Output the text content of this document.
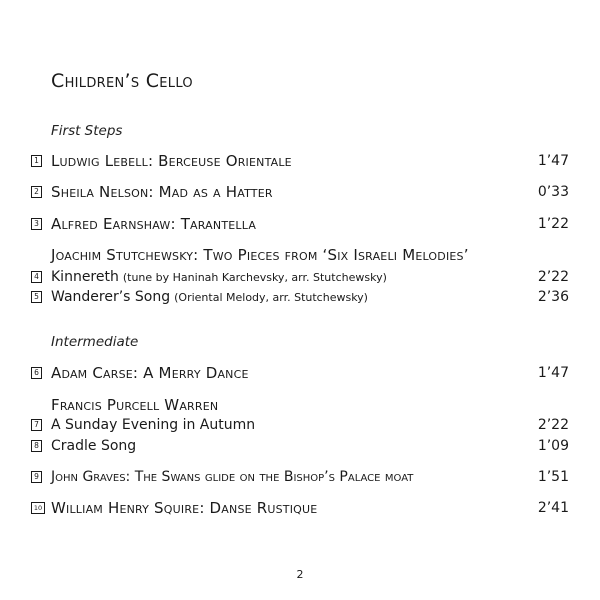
Children’s Cello
First Steps
1 Ludwig Lebell: Berceuse Orientale	1’47
2 Sheila Nelson: Mad as a Hatter	0’33
3 Alfred Earnshaw: Tarantella	1’22
Joachim Stutchewsky: Two Pieces from ‘Six Israeli Melodies’
4 Kinnereth (tune by Haninah Karchevsky, arr. Stutchewsky)	2’22
5 Wanderer’s Song (Oriental Melody, arr. Stutchewsky)	2’36
Intermediate
6 Adam Carse: A Merry Dance	1’47
Francis Purcell Warren
7 A Sunday Evening in Autumn	2’22
8 Cradle Song	1’09
9 John Graves: The Swans glide on the Bishop’s Palace moat	1’51
10 William Henry Squire: Danse Rustique	2’41
2
